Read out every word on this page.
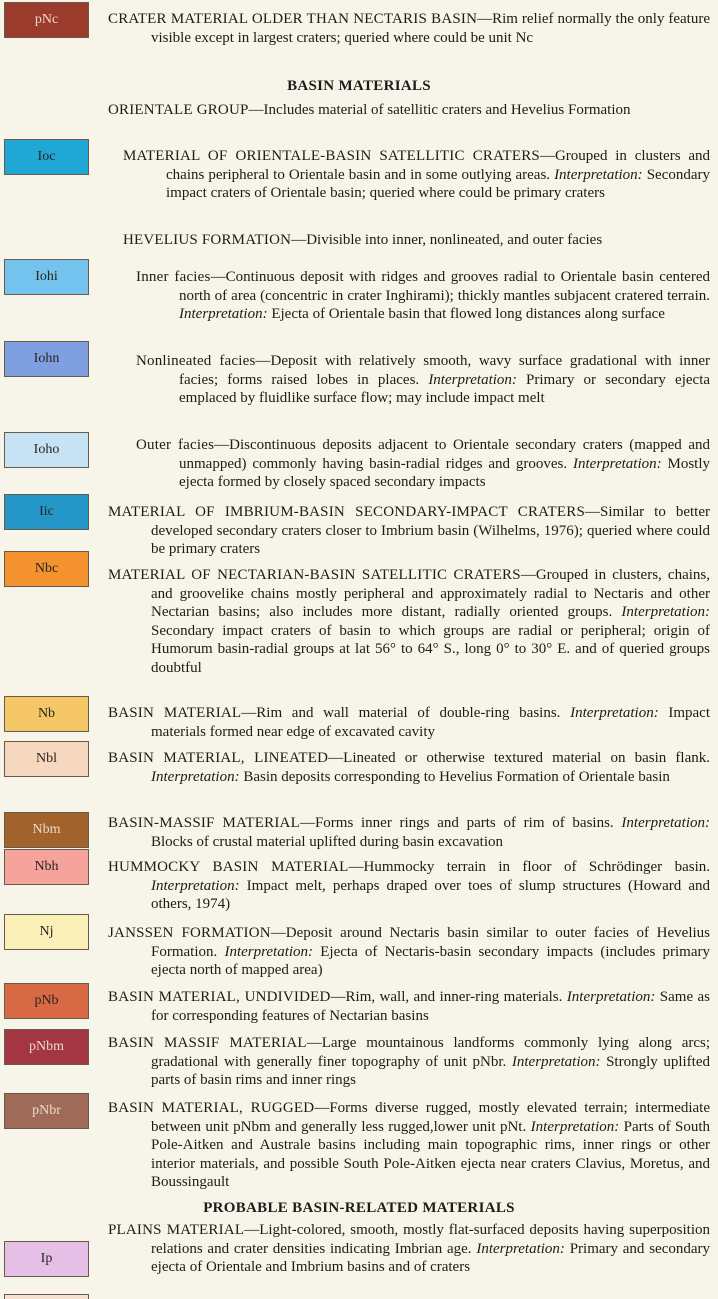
BASIN MATERIALS
PROBABLE BASIN-RELATED MATERIALS
pNc
Ioc
Iohi
Iohn
Ioho
Iic
Nbc
Nb
Nbl
Nbm
Nbh
Nj
pNb
pNbm
pNbr
Ip
CRATER MATERIAL OLDER THAN NECTARIS BASIN—Rim relief normally the only feature visible except in largest craters; queried where could be unit Nc
ORIENTALE GROUP—Includes material of satellitic craters and Hevelius Formation
MATERIAL OF ORIENTALE-BASIN SATELLITIC CRATERS—Grouped in clusters and chains peripheral to Orientale basin and in some outlying areas. Interpretation: Secondary impact craters of Orientale basin; queried where could be primary craters
HEVELIUS FORMATION—Divisible into inner, nonlineated, and outer facies
Inner facies—Continuous deposit with ridges and grooves radial to Orientale basin centered north of area (concentric in crater Inghirami); thickly mantles subjacent cratered terrain. Interpretation: Ejecta of Orientale basin that flowed long distances along surface
Nonlineated facies—Deposit with relatively smooth, wavy surface gradational with inner facies; forms raised lobes in places. Interpretation: Primary or secondary ejecta emplaced by fluidlike surface flow; may include impact melt
Outer facies—Discontinuous deposits adjacent to Orientale secondary craters (mapped and unmapped) commonly having basin-radial ridges and grooves. Interpretation: Mostly ejecta formed by closely spaced secondary impacts
MATERIAL OF IMBRIUM-BASIN SECONDARY-IMPACT CRATERS—Similar to better developed secondary craters closer to Imbrium basin (Wilhelms, 1976); queried where could be primary craters
MATERIAL OF NECTARIAN-BASIN SATELLITIC CRATERS—Grouped in clusters, chains, and groovelike chains mostly peripheral and approximately radial to Nectaris and other Nectarian basins; also includes more distant, radially oriented groups. Interpretation: Secondary impact craters of basin to which groups are radial or peripheral; origin of Humorum basin-radial groups at lat 56° to 64° S., long 0° to 30° E. and of queried groups doubtful
BASIN MATERIAL—Rim and wall material of double-ring basins. Interpretation: Impact materials formed near edge of excavated cavity
BASIN MATERIAL, LINEATED—Lineated or otherwise textured material on basin flank. Interpretation: Basin deposits corresponding to Hevelius Formation of Orientale basin
BASIN-MASSIF MATERIAL—Forms inner rings and parts of rim of basins. Interpretation: Blocks of crustal material uplifted during basin excavation
HUMMOCKY BASIN MATERIAL—Hummocky terrain in floor of Schrödinger basin. Interpretation: Impact melt, perhaps draped over toes of slump structures (Howard and others, 1974)
JANSSEN FORMATION—Deposit around Nectaris basin similar to outer facies of Hevelius Formation. Interpretation: Ejecta of Nectaris-basin secondary impacts (includes primary ejecta north of mapped area)
BASIN MATERIAL, UNDIVIDED—Rim, wall, and inner-ring materials. Interpretation: Same as for corresponding features of Nectarian basins
BASIN MASSIF MATERIAL—Large mountainous landforms commonly lying along arcs; gradational with generally finer topography of unit pNbr. Interpretation: Strongly uplifted parts of basin rims and inner rings
BASIN MATERIAL, RUGGED—Forms diverse rugged, mostly elevated terrain; intermediate between unit pNbm and generally less rugged,lower unit pNt. Interpretation: Parts of South Pole-Aitken and Australe basins including main topographic rims, inner rings or other interior materials, and possible South Pole-Aitken ejecta near craters Clavius, Moretus, and Boussingault
PLAINS MATERIAL—Light-colored, smooth, mostly flat-surfaced deposits having superposition relations and crater densities indicating Imbrian age. Interpretation: Primary and secondary ejecta of Orientale and Imbrium basins and of craters
